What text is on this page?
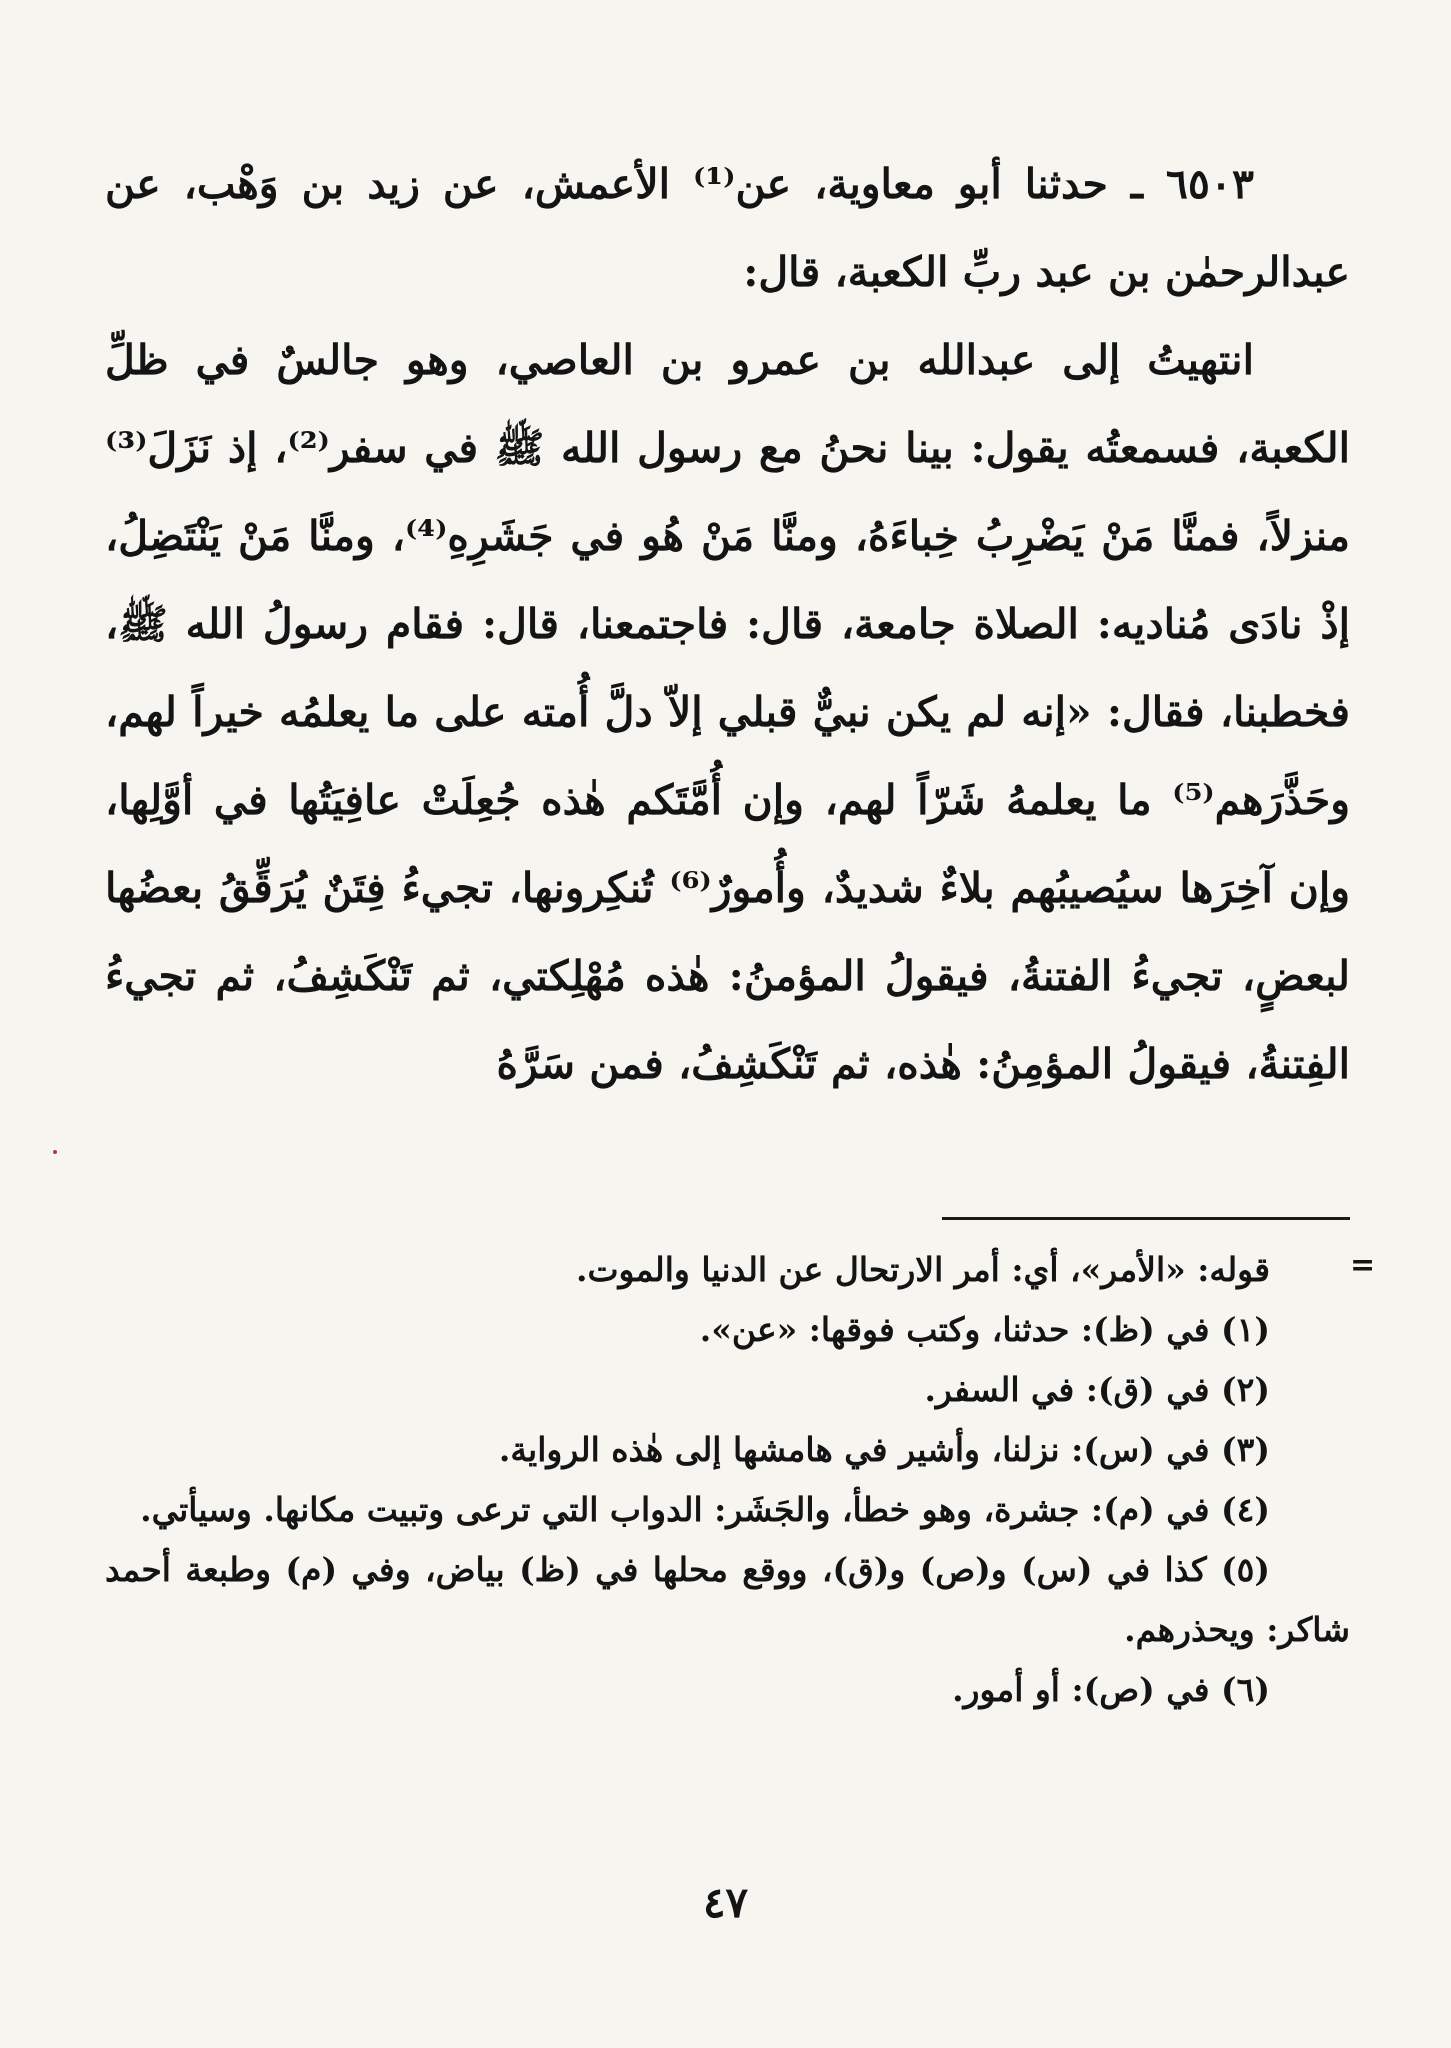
٦٥٠٣ ـ حدثنا أبو معاوية، عن⁽¹⁾ الأعمش، عن زيد بن وَهْب، عن عبدالرحمٰن بن عبد ربِّ الكعبة، قال:

انتهيتُ إلى عبدالله بن عمرو بن العاصي، وهو جالسٌ في ظلِّ الكعبة، فسمعتُه يقول: بينا نحنُ مع رسول الله ﷺ في سفر⁽²⁾، إذ نَزَلَ⁽³⁾ منزلاً، فمنَّا مَنْ يَضْرِبُ خِباءَهُ، ومنَّا مَنْ هُو في جَشَرِهِ⁽⁴⁾، ومنَّا مَنْ يَنْتَضِلُ، إذْ نادَى مُناديه: الصلاة جامعة، قال: فاجتمعنا، قال: فقام رسولُ الله ﷺ، فخطبنا، فقال: «إنه لم يكن نبيٌّ قبلي إلاّ دلَّ أُمته على ما يعلمُه خيراً لهم، وحَذَّرَهم⁽⁵⁾ ما يعلمهُ شَرّاً لهم، وإن أُمَّتَكم هٰذه جُعِلَتْ عافِيَتُها في أوَّلِها، وإن آخِرَها سيُصيبُهم بلاءٌ شديدٌ، وأُمورٌ⁽⁶⁾ تُنكِرونها، تجيءُ فِتَنٌ يُرَقِّقُ بعضُها لبعضٍ، تجيءُ الفتنةُ، فيقولُ المؤمنُ: هٰذه مُهْلِكتي، ثم تَنْكَشِفُ، ثم تجيءُ الفِتنةُ، فيقولُ المؤمِنُ: هٰذه، ثم تَنْكَشِفُ، فمن سَرَّهُ

=

قوله: «الأمر»، أي: أمر الارتحال عن الدنيا والموت.

(١) في (ظ): حدثنا، وكتب فوقها: «عن».

(٢) في (ق): في السفر.

(٣) في (س): نزلنا، وأشير في هامشها إلى هٰذه الرواية.

(٤) في (م): جشرة، وهو خطأ، والجَشَر: الدواب التي ترعى وتبيت مكانها. وسيأتي.

(٥) كذا في (س) و(ص) و(ق)، ووقع محلها في (ظ) بياض، وفي (م) وطبعة أحمد شاكر: ويحذرهم.

(٦) في (ص): أو أمور.

٤٧
